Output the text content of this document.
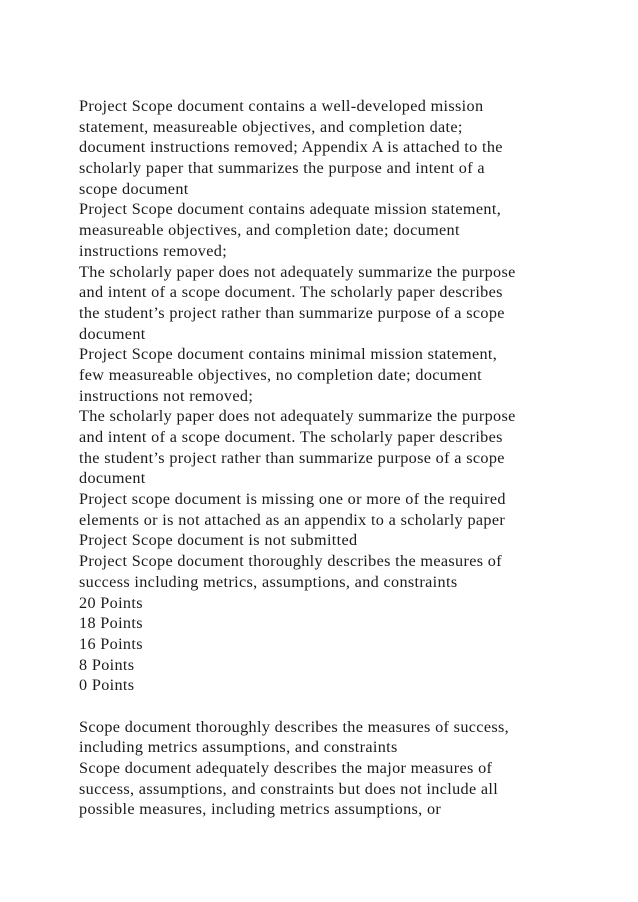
Project Scope document contains a well-developed mission
statement, measureable objectives, and completion date;
document instructions removed; Appendix A is attached to the
scholarly paper that summarizes the purpose and intent of a
scope document
Project Scope document contains adequate mission statement,
measureable objectives, and completion date; document
instructions removed;
The scholarly paper does not adequately summarize the purpose
and intent of a scope document. The scholarly paper describes
the student’s project rather than summarize purpose of a scope
document
Project Scope document contains minimal mission statement,
few measureable objectives, no completion date; document
instructions not removed;
The scholarly paper does not adequately summarize the purpose
and intent of a scope document. The scholarly paper describes
the student’s project rather than summarize purpose of a scope
document
Project scope document is missing one or more of the required
elements or is not attached as an appendix to a scholarly paper
Project Scope document is not submitted
Project Scope document thoroughly describes the measures of
success including metrics, assumptions, and constraints
20 Points
18 Points
16 Points
8 Points
0 Points
Scope document thoroughly describes the measures of success,
including metrics assumptions, and constraints
Scope document adequately describes the major measures of
success, assumptions, and constraints but does not include all
possible measures, including metrics assumptions, or
